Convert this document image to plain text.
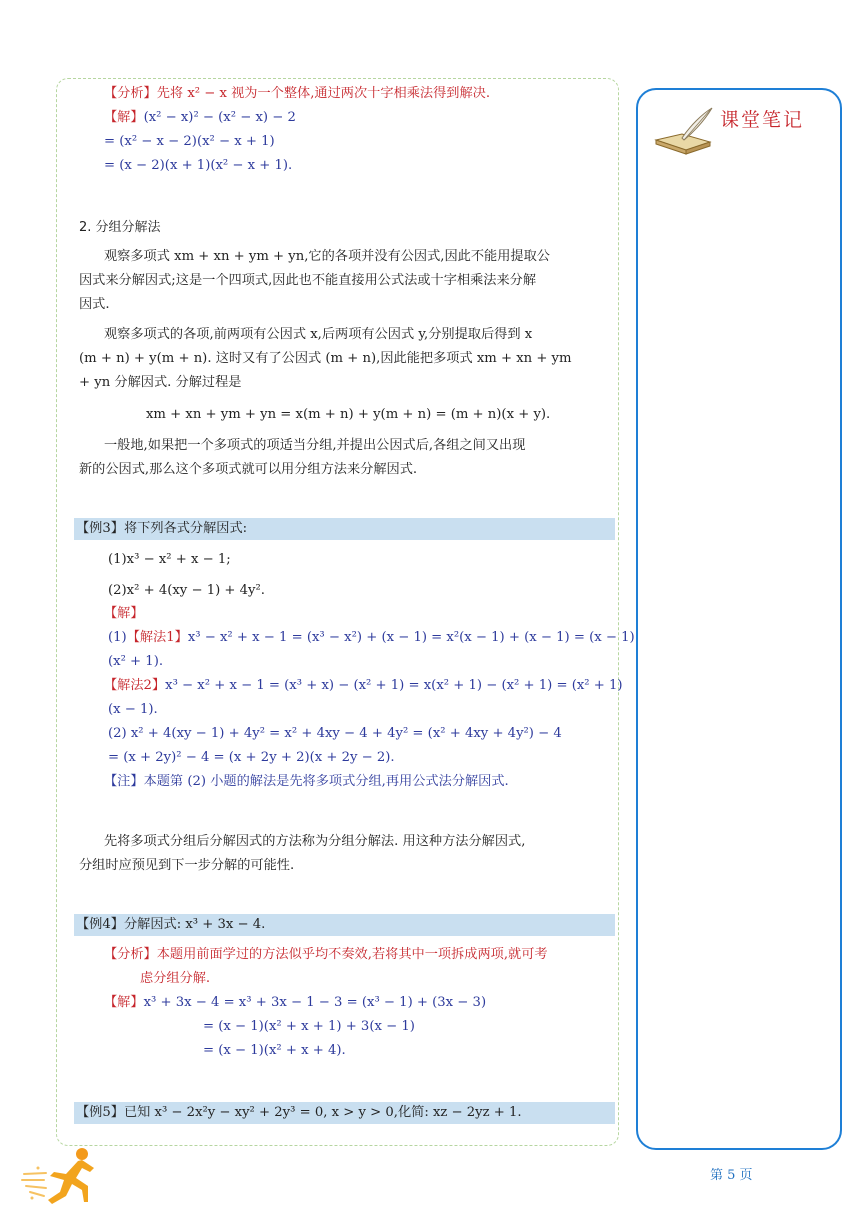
课堂笔记
【分析】先将 x² − x 视为一个整体,通过两次十字相乘法得到解决.
【解】(x² − x)² − (x² − x) − 2
= (x² − x − 2)(x² − x + 1)
= (x − 2)(x + 1)(x² − x + 1).
2. 分组分解法
观察多项式 xm + xn + ym + yn,它的各项并没有公因式,因此不能用提取公
因式来分解因式;这是一个四项式,因此也不能直接用公式法或十字相乘法来分解
因式.
观察多项式的各项,前两项有公因式 x,后两项有公因式 y,分别提取后得到 x
(m + n) + y(m + n). 这时又有了公因式 (m + n),因此能把多项式 xm + xn + ym
+ yn 分解因式. 分解过程是
xm + xn + ym + yn = x(m + n) + y(m + n) = (m + n)(x + y).
一般地,如果把一个多项式的项适当分组,并提出公因式后,各组之间又出现
新的公因式,那么这个多项式就可以用分组方法来分解因式.
【例3】将下列各式分解因式:
(1)x³ − x² + x − 1;
(2)x² + 4(xy − 1) + 4y².
【解】
(1)【解法1】x³ − x² + x − 1 = (x³ − x²) + (x − 1) = x²(x − 1) + (x − 1) = (x − 1)
(x² + 1).
【解法2】x³ − x² + x − 1 = (x³ + x) − (x² + 1) = x(x² + 1) − (x² + 1) = (x² + 1)
(x − 1).
(2) x² + 4(xy − 1) + 4y² = x² + 4xy − 4 + 4y² = (x² + 4xy + 4y²) − 4
= (x + 2y)² − 4 = (x + 2y + 2)(x + 2y − 2).
【注】本题第 (2) 小题的解法是先将多项式分组,再用公式法分解因式.
先将多项式分组后分解因式的方法称为分组分解法. 用这种方法分解因式,
分组时应预见到下一步分解的可能性.
【例4】分解因式: x³ + 3x − 4.
【分析】本题用前面学过的方法似乎均不奏效,若将其中一项拆成两项,就可考
虑分组分解.
【解】x³ + 3x − 4 = x³ + 3x − 1 − 3 = (x³ − 1) + (3x − 3)
= (x − 1)(x² + x + 1) + 3(x − 1)
= (x − 1)(x² + x + 4).
【例5】已知 x³ − 2x²y − xy² + 2y³ = 0, x > y > 0,化简: xz − 2yz + 1.
第 5 页
